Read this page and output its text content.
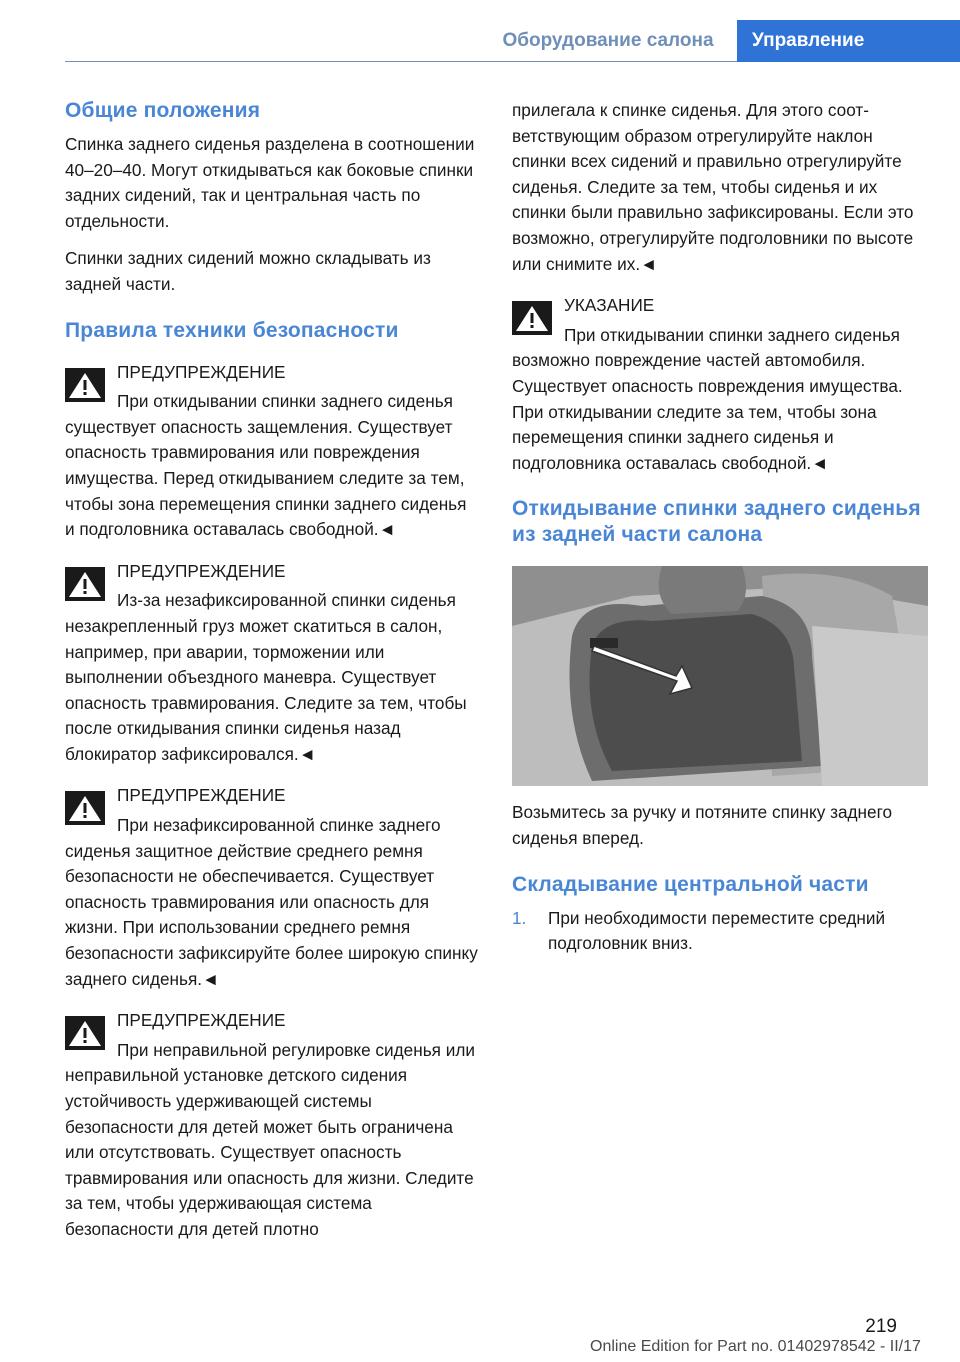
Оборудование салона	Управление
Общие положения

Спинка заднего сиденья разделена в соотношении 40–20–40. Могут откидываться как боковые спинки задних сидений, так и центральная часть по отдельности.

Спинки задних сидений можно складывать из задней части.

Правила техники безопасности
ПРЕДУПРЕЖДЕНИЕ

При откидывании спинки заднего сиденья существует опасность защемления. Существует опасность травмирования или повреждения имущества. Перед откидыванием следите за тем, чтобы зона перемещения спинки заднего сиденья и подголовника оставалась свободной.◄

ПРЕДУПРЕЖДЕНИЕ

Из-за незафиксированной спинки сиденья незакрепленный груз может скатиться в салон, например, при аварии, торможении или выполнении объездного маневра. Существует опасность травмирования. Следите за тем, чтобы после откидывания спинки сиденья назад блокиратор зафиксировался.◄

ПРЕДУПРЕЖДЕНИЕ

При незафиксированной спинке заднего сиденья защитное действие среднего ремня безопасности не обеспечивается. Существует опасность травмирования или опасность для жизни. При использовании среднего ремня безопасности зафиксируйте более широкую спинку заднего сиденья.◄

ПРЕДУПРЕЖДЕНИЕ

При неправильной регулировке сиденья или неправильной установке детского сидения устойчивость удерживающей системы безопасности для детей может быть ограничена или отсутствовать. Существует опасность травмирования или опасность для жизни. Следите за тем, чтобы удерживающая система безопасности для детей плотно

прилегала к спинке сиденья. Для этого соответствующим образом отрегулируйте наклон спинки всех сидений и правильно отрегулируйте сиденья. Следите за тем, чтобы сиденья и их спинки были правильно зафиксированы. Если это возможно, отрегулируйте подголовники по высоте или снимите их.◄

УКАЗАНИЕ

При откидывании спинки заднего сиденья возможно повреждение частей автомобиля. Существует опасность повреждения имущества. При откидывании следите за тем, чтобы зона перемещения спинки заднего сиденья и подголовника оставалась свободной.◄

Откидывание спинки заднего сиденья из задней части салона

Возьмитесь за ручку и потяните спинку заднего сиденья вперед.

Складывание центральной части
1. При необходимости переместите средний подголовник вниз.
219
Online Edition for Part no. 01402978542 - II/17
